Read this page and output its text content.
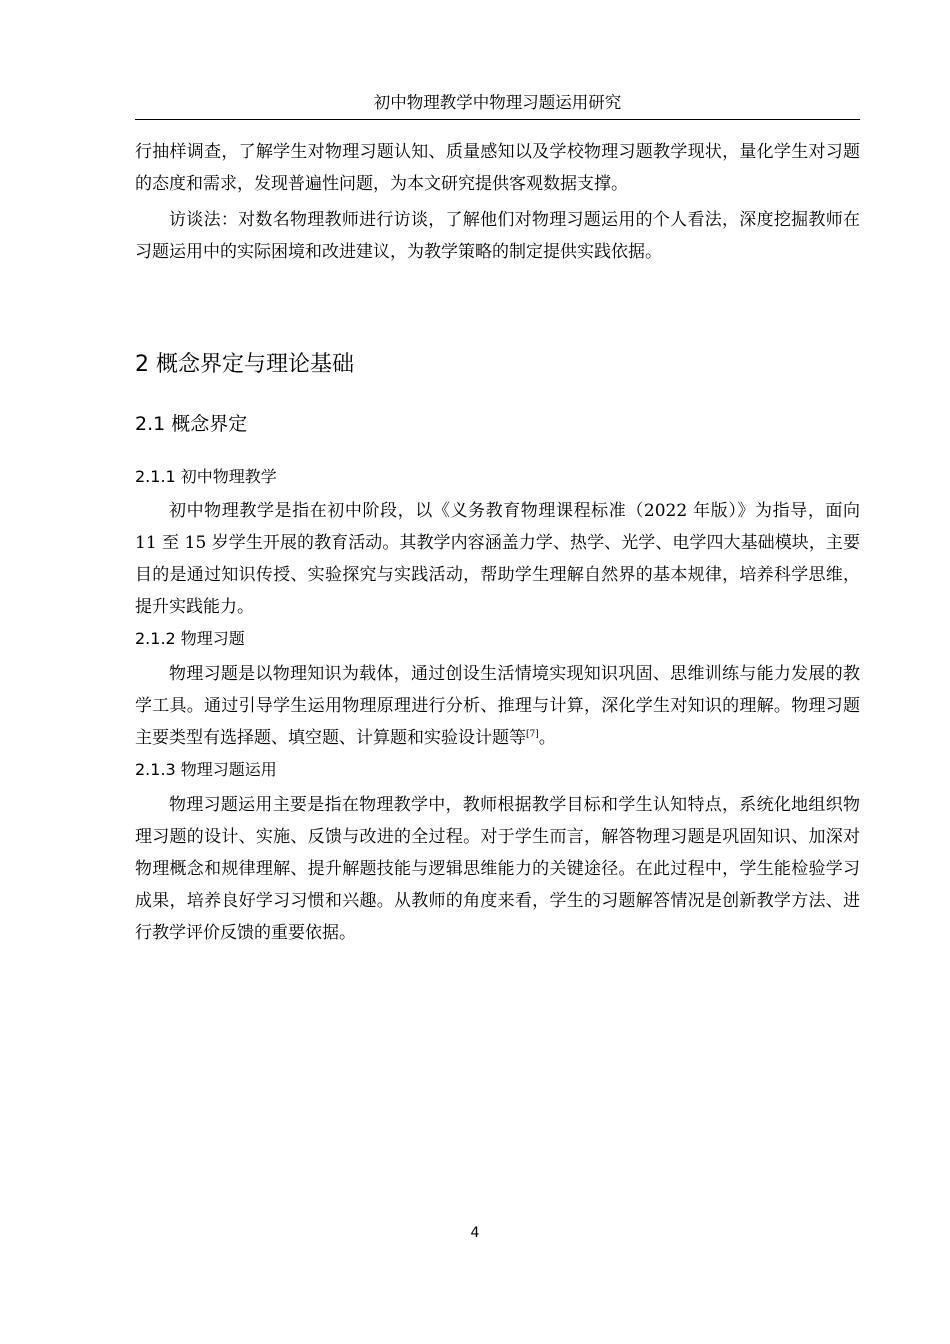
初中物理教学中物理习题运用研究

行抽样调查，了解学生对物理习题认知、质量感知以及学校物理习题教学现状，量化学生对习题的态度和需求，发现普遍性问题，为本文研究提供客观数据支撑。

访谈法：对数名物理教师进行访谈，了解他们对物理习题运用的个人看法，深度挖掘教师在习题运用中的实际困境和改进建议，为教学策略的制定提供实践依据。

2 概念界定与理论基础
2.1 概念界定
2.1.1 初中物理教学

初中物理教学是指在初中阶段，以《义务教育物理课程标准（2022 年版）》为指导，面向 11 至 15 岁学生开展的教育活动。其教学内容涵盖力学、热学、光学、电学四大基础模块，主要目的是通过知识传授、实验探究与实践活动，帮助学生理解自然界的基本规律，培养科学思维，提升实践能力。

2.1.2 物理习题

物理习题是以物理知识为载体，通过创设生活情境实现知识巩固、思维训练与能力发展的教学工具。通过引导学生运用物理原理进行分析、推理与计算，深化学生对知识的理解。物理习题主要类型有选择题、填空题、计算题和实验设计题等[7]。

2.1.3 物理习题运用

物理习题运用主要是指在物理教学中，教师根据教学目标和学生认知特点，系统化地组织物理习题的设计、实施、反馈与改进的全过程。对于学生而言，解答物理习题是巩固知识、加深对物理概念和规律理解、提升解题技能与逻辑思维能力的关键途径。在此过程中，学生能检验学习成果，培养良好学习习惯和兴趣。从教师的角度来看，学生的习题解答情况是创新教学方法、进行教学评价反馈的重要依据。

4
